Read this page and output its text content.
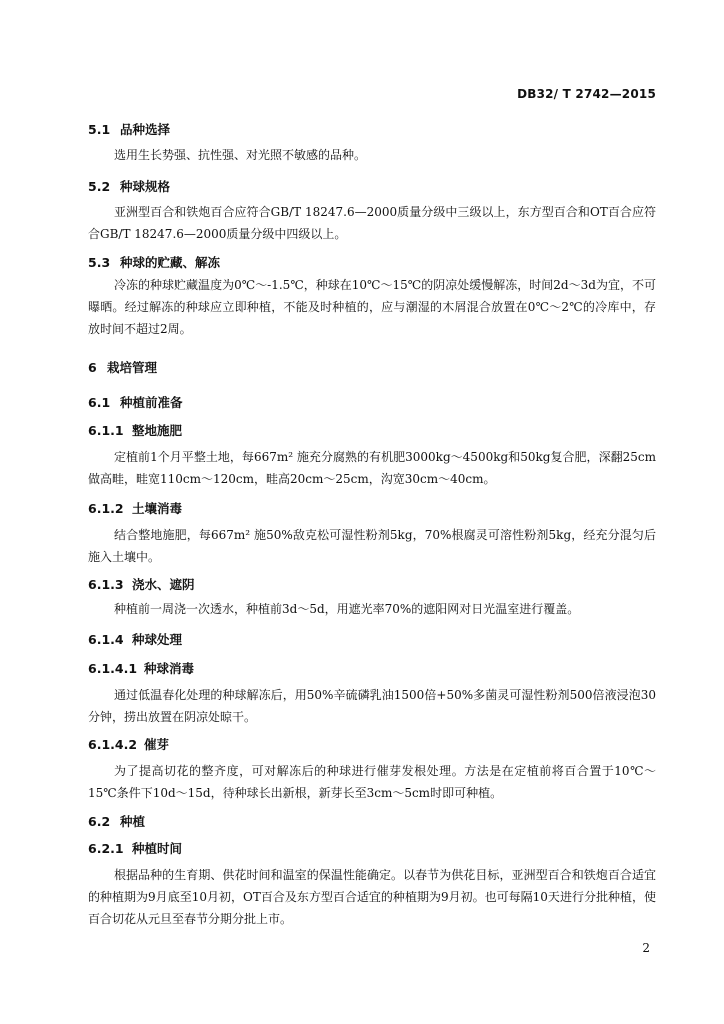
DB32/ T 2742—2015
5.1 品种选择
选用生长势强、抗性强、对光照不敏感的品种。
5.2 种球规格
亚洲型百合和铁炮百合应符合GB/T 18247.6—2000质量分级中三级以上，东方型百合和OT百合应符合GB/T 18247.6—2000质量分级中四级以上。
5.3 种球的贮藏、解冻
冷冻的种球贮藏温度为0℃～-1.5℃，种球在10℃～15℃的阴凉处缓慢解冻，时间2d～3d为宜，不可曝晒。经过解冻的种球应立即种植，不能及时种植的，应与潮湿的木屑混合放置在0℃～2℃的冷库中，存放时间不超过2周。
6 栽培管理
6.1 种植前准备
6.1.1 整地施肥
定植前1个月平整土地，每667m² 施充分腐熟的有机肥3000kg～4500kg和50kg复合肥，深翻25cm做高畦，畦宽110cm～120cm，畦高20cm～25cm，沟宽30cm～40cm。
6.1.2 土壤消毒
结合整地施肥，每667m² 施50%敌克松可湿性粉剂5kg，70%根腐灵可溶性粉剂5kg，经充分混匀后施入土壤中。
6.1.3 浇水、遮阴
种植前一周浇一次透水，种植前3d～5d，用遮光率70%的遮阳网对日光温室进行覆盖。
6.1.4 种球处理
6.1.4.1 种球消毒
通过低温春化处理的种球解冻后，用50%辛硫磷乳油1500倍+50%多菌灵可湿性粉剂500倍液浸泡30分钟，捞出放置在阴凉处晾干。
6.1.4.2 催芽
为了提高切花的整齐度，可对解冻后的种球进行催芽发根处理。方法是在定植前将百合置于10℃～15℃条件下10d～15d，待种球长出新根，新芽长至3cm～5cm时即可种植。
6.2 种植
6.2.1 种植时间
根据品种的生育期、供花时间和温室的保温性能确定。以春节为供花目标，亚洲型百合和铁炮百合适宜的种植期为9月底至10月初，OT百合及东方型百合适宜的种植期为9月初。也可每隔10天进行分批种植，使百合切花从元旦至春节分期分批上市。
2
